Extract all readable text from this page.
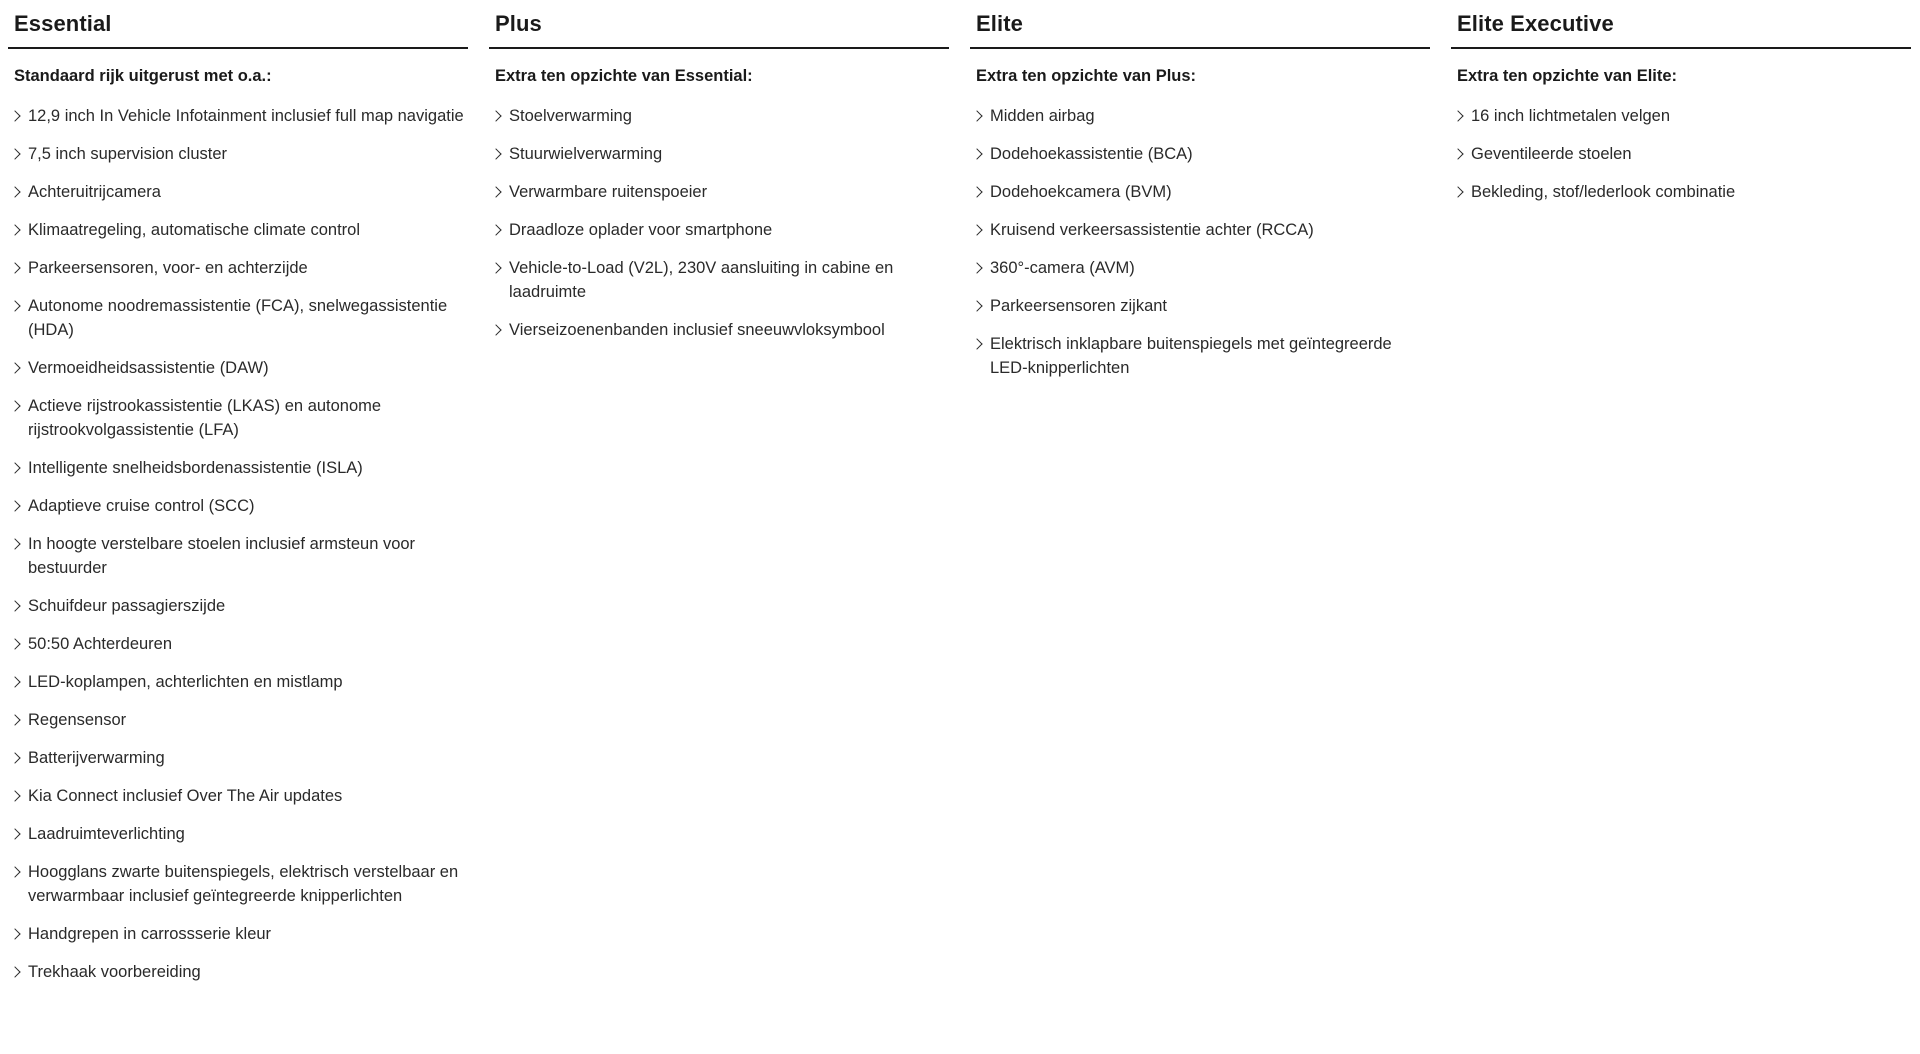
Essential
Standaard rijk uitgerust met o.a.:
12,9 inch In Vehicle Infotainment inclusief full map navigatie
7,5 inch supervision cluster
Achteruitrijcamera
Klimaatregeling, automatische climate control
Parkeersensoren, voor- en achterzijde
Autonome noodremassistentie (FCA), snelwegassistentie (HDA)
Vermoeidheidsassistentie (DAW)
Actieve rijstrookassistentie (LKAS) en autonome rijstrookvolgassistentie (LFA)
Intelligente snelheidsbordenassistentie (ISLA)
Adaptieve cruise control (SCC)
In hoogte verstelbare stoelen inclusief armsteun voor bestuurder
Schuifdeur passagierszijde
50:50 Achterdeuren
LED-koplampen, achterlichten en mistlamp
Regensensor
Batterijverwarming
Kia Connect inclusief Over The Air updates
Laadruimteverlichting
Hoogglans zwarte buitenspiegels, elektrisch verstelbaar en verwarmbaar inclusief geïntegreerde knipperlichten
Handgrepen in carrossserie kleur
Trekhaak voorbereiding
Plus
Extra ten opzichte van Essential:
Stoelverwarming
Stuurwielverwarming
Verwarmbare ruitenspoeier
Draadloze oplader voor smartphone
Vehicle-to-Load (V2L), 230V aansluiting in cabine en laadruimte
Vierseizoenenbanden inclusief sneeuwvloksymbool
Elite
Extra ten opzichte van Plus:
Midden airbag
Dodehoekassistentie (BCA)
Dodehoekcamera (BVM)
Kruisend verkeersassistentie achter (RCCA)
360°-camera (AVM)
Parkeersensoren zijkant
Elektrisch inklapbare buitenspiegels met geïntegreerde LED-knipperlichten
Elite Executive
Extra ten opzichte van Elite:
16 inch lichtmetalen velgen
Geventileerde stoelen
Bekleding, stof/lederlook combinatie
